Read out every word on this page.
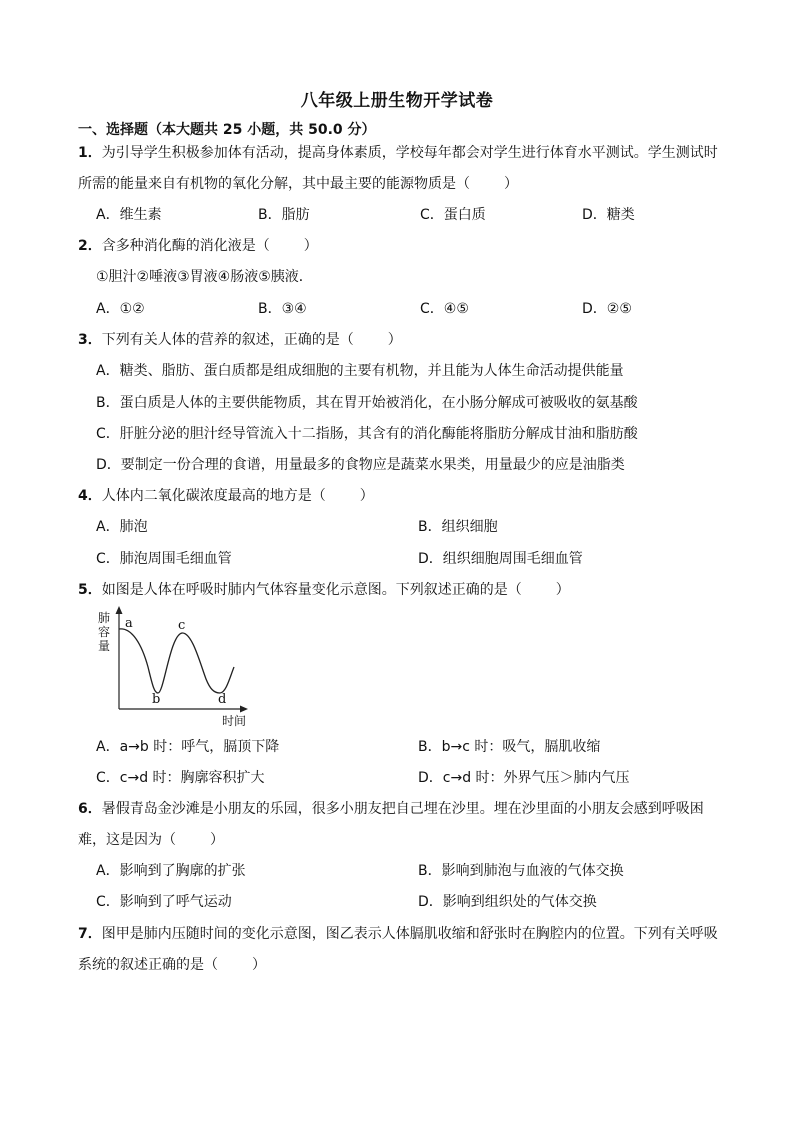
八年级上册生物开学试卷
一、选择题（本大题共 25 小题，共 50.0 分）
1．为引导学生积极参加体有活动，提高身体素质，学校每年都会对学生进行体育水平测试。学生测试时
所需的能量来自有机物的氧化分解，其中最主要的能源物质是（ ）
A．维生素	B．脂肪	C．蛋白质	D．糖类
2．含多种消化酶的消化液是（ ）
①胆汁②唾液③胃液④肠液⑤胰液．
A．①②	B．③④	C．④⑤	D．②⑤
3．下列有关人体的营养的叙述，正确的是（ ）
A．糖类、脂肪、蛋白质都是组成细胞的主要有机物，并且能为人体生命活动提供能量
B．蛋白质是人体的主要供能物质，其在胃开始被消化，在小肠分解成可被吸收的氨基酸
C．肝脏分泌的胆汁经导管流入十二指肠，其含有的消化酶能将脂肪分解成甘油和脂肪酸
D．要制定一份合理的食谱，用量最多的食物应是蔬菜水果类，用量最少的应是油脂类
4．人体内二氧化碳浓度最高的地方是（ ）
A．肺泡	B．组织细胞
C．肺泡周围毛细血管	D．组织细胞周围毛细血管
5．如图是人体在呼吸时肺内气体容量变化示意图。下列叙述正确的是（ ）
肺
容
量
a
b
c
d
时间
A．a→b 时：呼气，膈顶下降	B．b→c 时：吸气，膈肌收缩
C．c→d 时：胸廓容积扩大	D．c→d 时：外界气压＞肺内气压
6．暑假青岛金沙滩是小朋友的乐园，很多小朋友把自己埋在沙里。埋在沙里面的小朋友会感到呼吸困
难，这是因为（ ）
A．影响到了胸廓的扩张	B．影响到肺泡与血液的气体交换
C．影响到了呼气运动	D．影响到组织处的气体交换
7．图甲是肺内压随时间的变化示意图，图乙表示人体膈肌收缩和舒张时在胸腔内的位置。下列有关呼吸
系统的叙述正确的是（ ）
